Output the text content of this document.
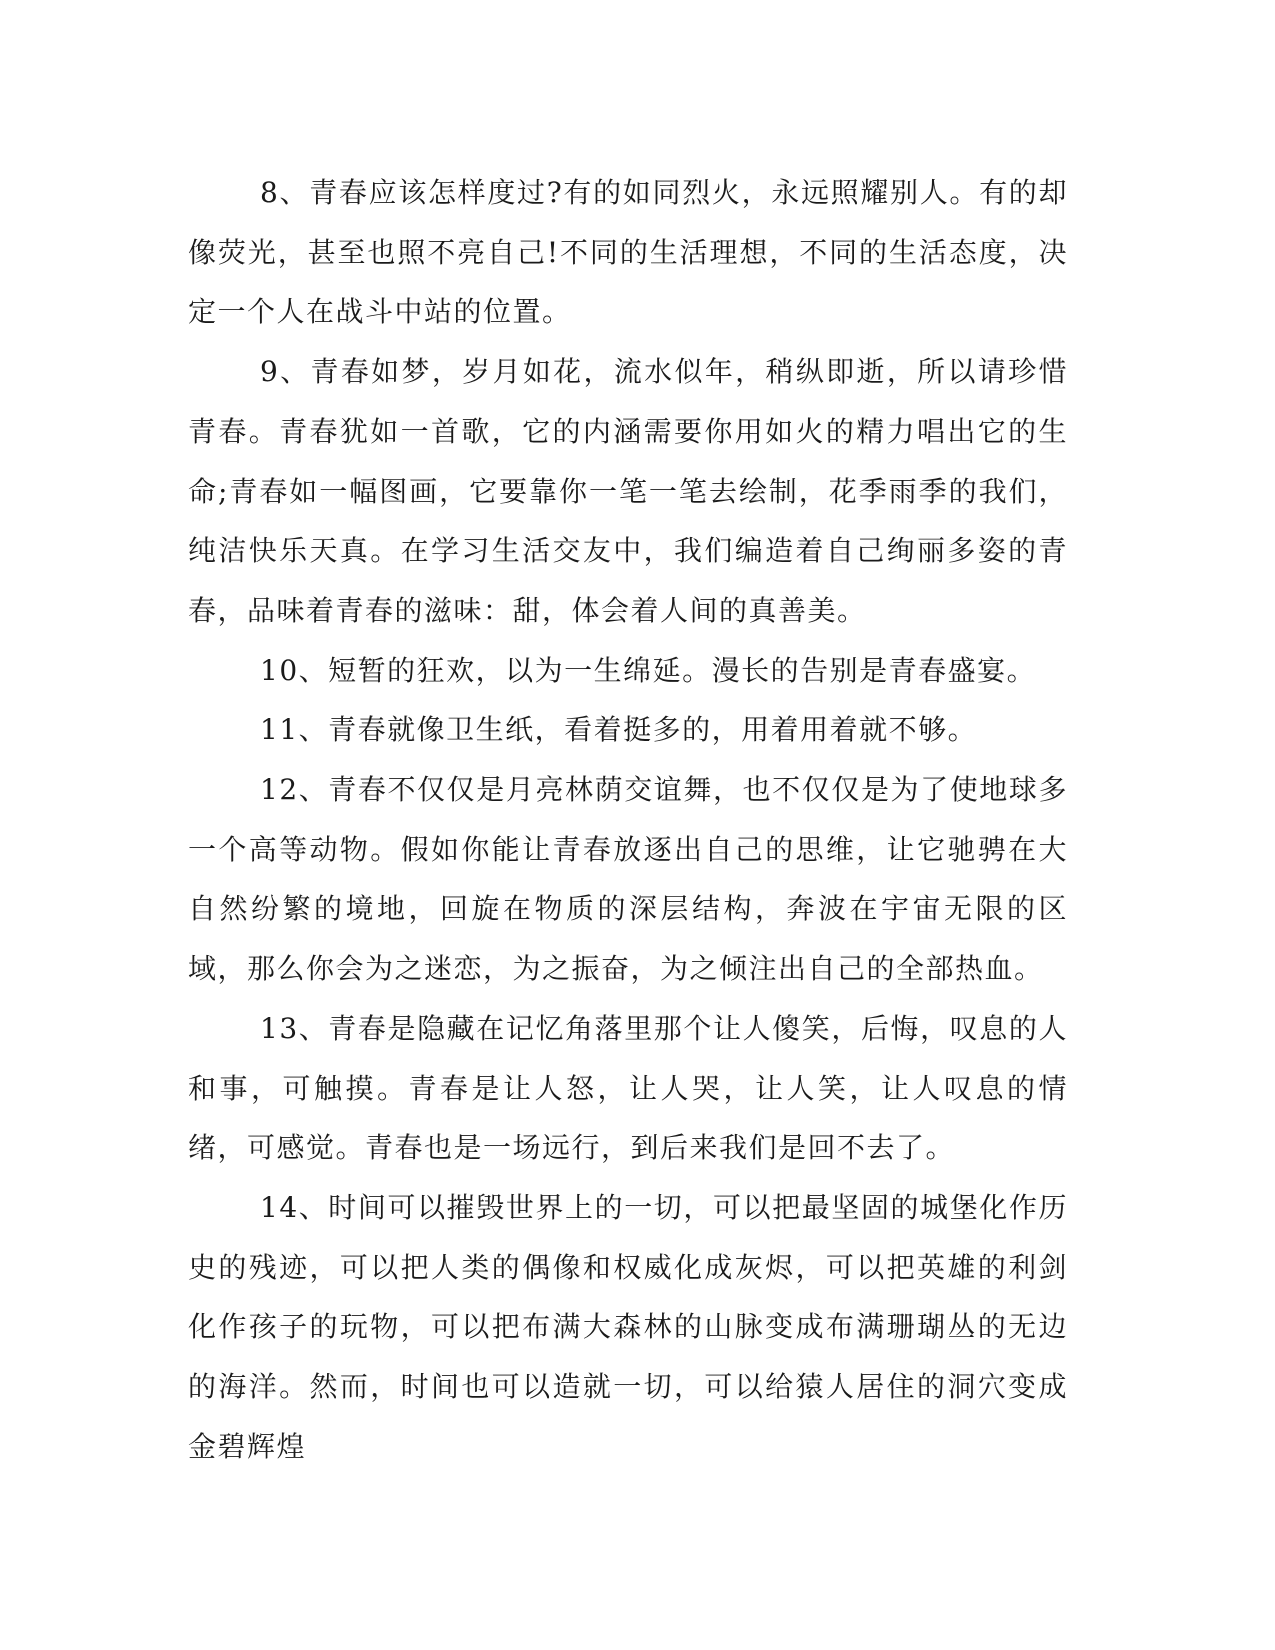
8、青春应该怎样度过?有的如同烈火，永远照耀别人。有的却像荧光，甚至也照不亮自己!不同的生活理想，不同的生活态度，决定一个人在战斗中站的位置。

9、青春如梦，岁月如花，流水似年，稍纵即逝，所以请珍惜青春。青春犹如一首歌，它的内涵需要你用如火的精力唱出它的生命;青春如一幅图画，它要靠你一笔一笔去绘制，花季雨季的我们，纯洁快乐天真。在学习生活交友中，我们编造着自己绚丽多姿的青春，品味着青春的滋味：甜，体会着人间的真善美。

10、短暂的狂欢，以为一生绵延。漫长的告别是青春盛宴。

11、青春就像卫生纸，看着挺多的，用着用着就不够。

12、青春不仅仅是月亮林荫交谊舞，也不仅仅是为了使地球多一个高等动物。假如你能让青春放逐出自己的思维，让它驰骋在大自然纷繁的境地，回旋在物质的深层结构，奔波在宇宙无限的区域，那么你会为之迷恋，为之振奋，为之倾注出自己的全部热血。

13、青春是隐藏在记忆角落里那个让人傻笑，后悔，叹息的人和事，可触摸。青春是让人怒，让人哭，让人笑，让人叹息的情绪，可感觉。青春也是一场远行，到后来我们是回不去了。

14、时间可以摧毁世界上的一切，可以把最坚固的城堡化作历史的残迹，可以把人类的偶像和权威化成灰烬，可以把英雄的利剑化作孩子的玩物，可以把布满大森林的山脉变成布满珊瑚丛的无边的海洋。然而，时间也可以造就一切，可以给猿人居住的洞穴变成金碧辉煌
